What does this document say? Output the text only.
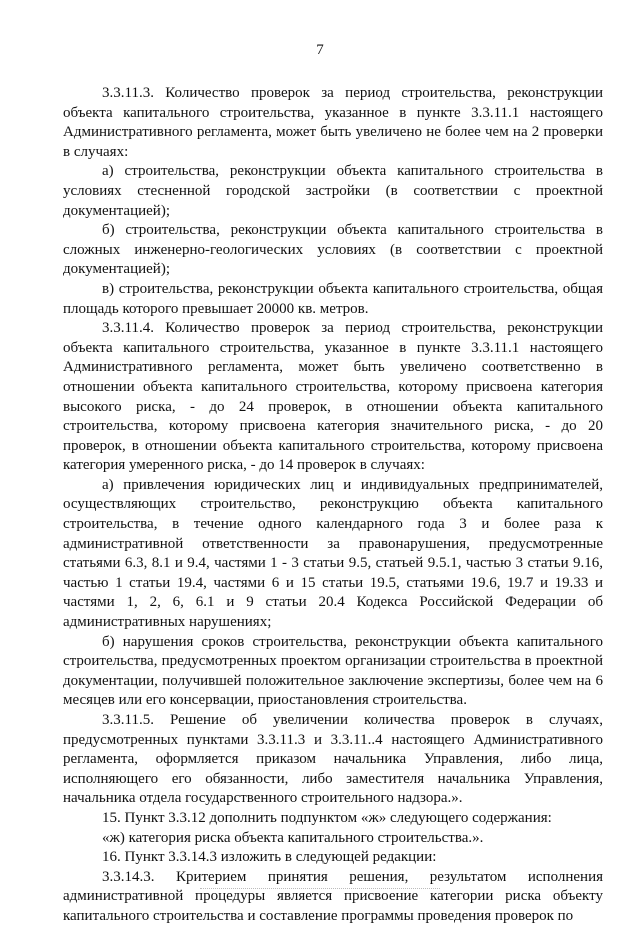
7

3.3.11.3. Количество проверок за период строительства, реконструкции объекта капитального строительства, указанное в пункте 3.3.11.1 настоящего Административного регламента, может быть увеличено не более чем на 2 проверки в случаях:

а) строительства, реконструкции объекта капитального строительства в условиях стесненной городской застройки (в соответствии с проектной документацией);

б) строительства, реконструкции объекта капитального строительства в сложных инженерно-геологических условиях (в соответствии с проектной документацией);

в) строительства, реконструкции объекта капитального строительства, общая площадь которого превышает 20000 кв. метров.

3.3.11.4. Количество проверок за период строительства, реконструкции объекта капитального строительства, указанное в пункте 3.3.11.1 настоящего Административного регламента, может быть увеличено соответственно в отношении объекта капитального строительства, которому присвоена категория высокого риска, - до 24 проверок, в отношении объекта капитального строительства, которому присвоена категория значительного риска, - до 20 проверок, в отношении объекта капитального строительства, которому присвоена категория умеренного риска, - до 14 проверок в случаях:

а) привлечения юридических лиц и индивидуальных предпринимателей, осуществляющих строительство, реконструкцию объекта капитального строительства, в течение одного календарного года 3 и более раза к административной ответственности за правонарушения, предусмотренные статьями 6.3, 8.1 и 9.4, частями 1 - 3 статьи 9.5, статьей 9.5.1, частью 3 статьи 9.16, частью 1 статьи 19.4, частями 6 и 15 статьи 19.5, статьями 19.6, 19.7 и 19.33 и частями 1, 2, 6, 6.1 и 9 статьи 20.4 Кодекса Российской Федерации об административных нарушениях;

б) нарушения сроков строительства, реконструкции объекта капитального строительства, предусмотренных проектом организации строительства в проектной документации, получившей положительное заключение экспертизы, более чем на 6 месяцев или его консервации, приостановления строительства.

3.3.11.5. Решение об увеличении количества проверок в случаях, предусмотренных пунктами 3.3.11.3 и 3.3.11..4 настоящего Административного регламента, оформляется приказом начальника Управления, либо лица, исполняющего его обязанности, либо заместителя начальника Управления, начальника отдела государственного строительного надзора.».

15. Пункт 3.3.12 дополнить подпунктом «ж» следующего содержания:

«ж) категория риска объекта капитального строительства.».

16. Пункт 3.3.14.3 изложить в следующей редакции:

3.3.14.3. Критерием принятия решения, результатом исполнения административной процедуры является присвоение категории риска объекту капитального строительства и составление программы проведения проверок по
